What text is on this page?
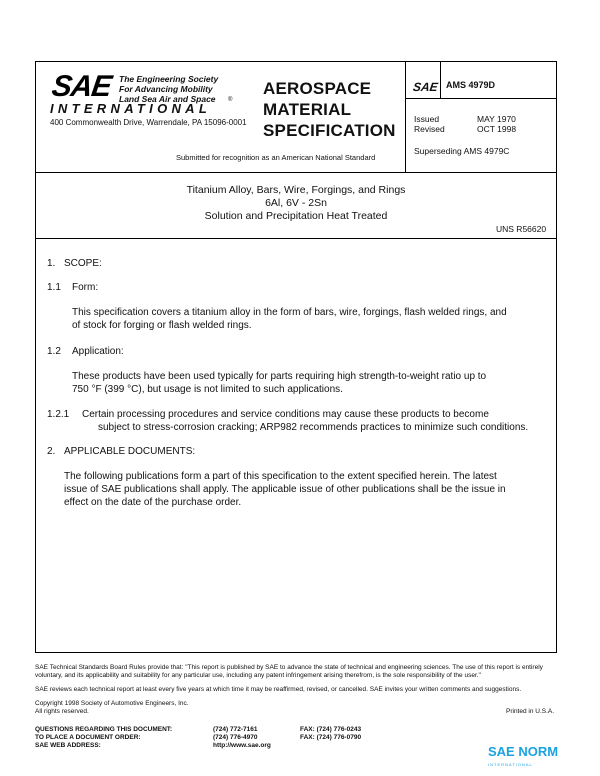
SAE The Engineering Society
For Advancing Mobility
Land Sea Air and Space
INTERNATIONAL
®
400 Commonwealth Drive, Warrendale, PA 15096-0001
Submitted for recognition as an American National Standard
AEROSPACE
MATERIAL
SPECIFICATION
SAE AMS 4979D
Issued
Revised
MAY 1970
OCT 1998
Superseding AMS 4979C
Titanium Alloy, Bars, Wire, Forgings, and Rings
6Al, 6V - 2Sn
Solution and Precipitation Heat Treated
UNS R56620
1. SCOPE:
1.1 Form:
This specification covers a titanium alloy in the form of bars, wire, forgings, flash welded rings, and
of stock for forging or flash welded rings.
1.2 Application:
These products have been used typically for parts requiring high strength-to-weight ratio up to
750 °F (399 °C), but usage is not limited to such applications.
1.2.1 Certain processing procedures and service conditions may cause these products to become
subject to stress-corrosion cracking; ARP982 recommends practices to minimize such conditions.
2. APPLICABLE DOCUMENTS:
The following publications form a part of this specification to the extent specified herein. The latest
issue of SAE publications shall apply. The applicable issue of other publications shall be the issue in
effect on the date of the purchase order.
SAE Technical Standards Board Rules provide that: "This report is published by SAE to advance the state of technical and engineering sciences. The use of this report is entirely
voluntary, and its applicability and suitability for any particular use, including any patent infringement arising therefrom, is the sole responsibility of the user."
SAE reviews each technical report at least every five years at which time it may be reaffirmed, revised, or cancelled. SAE invites your written comments and suggestions.
Copyright 1998 Society of Automotive Engineers, Inc.
All rights reserved.	Printed in U.S.A.
QUESTIONS REGARDING THIS DOCUMENT:
TO PLACE A DOCUMENT ORDER:
SAE WEB ADDRESS:
(724) 772-7161
(724) 776-4970
http://www.sae.org
FAX: (724) 776-0243
FAX: (724) 776-0790
SAE NORM
INTERNATIONAL
